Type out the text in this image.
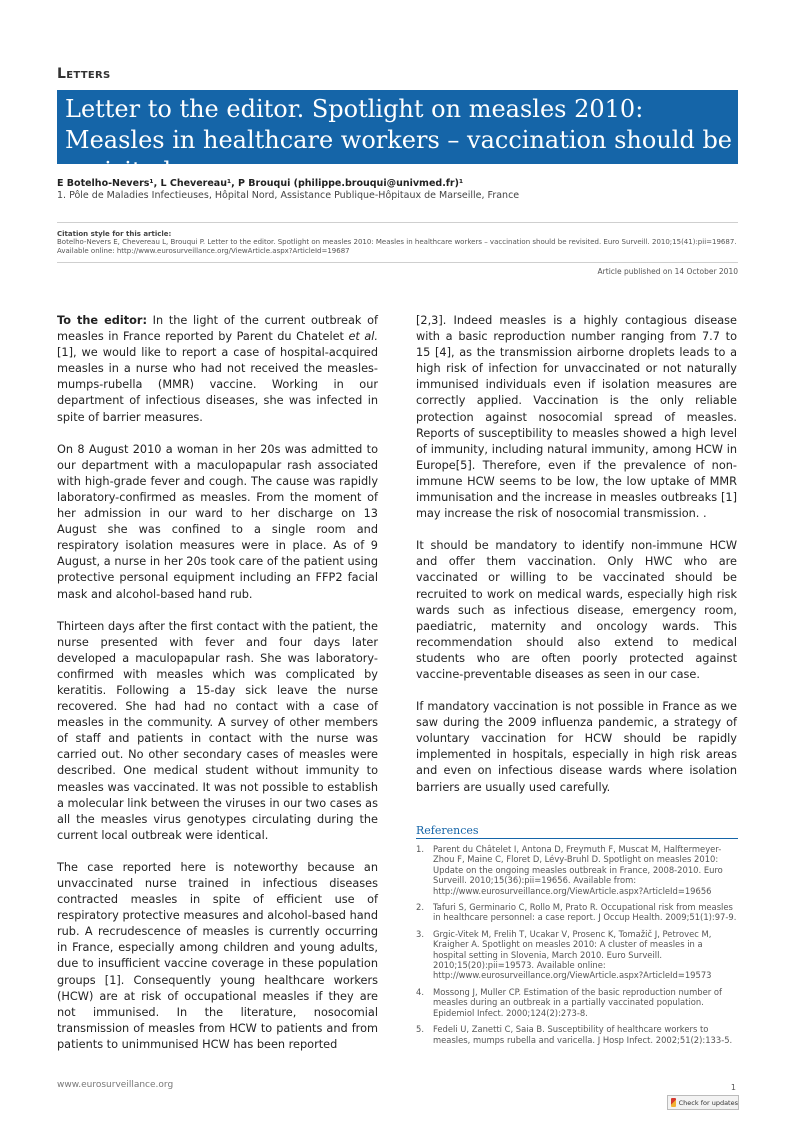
Letters
Letter to the editor. Spotlight on measles 2010: Measles in healthcare workers – vaccination should be revisited
E Botelho-Nevers¹, L Chevereau¹, P Brouqui (philippe.brouqui@univmed.fr)¹
1. Pôle de Maladies Infectieuses, Hôpital Nord, Assistance Publique-Hôpitaux de Marseille, France
Citation style for this article:
Botelho-Nevers E, Chevereau L, Brouqui P. Letter to the editor. Spotlight on measles 2010: Measles in healthcare workers – vaccination should be revisited. Euro Surveill. 2010;15(41):pii=19687. Available online: http://www.eurosurveillance.org/ViewArticle.aspx?ArticleId=19687
Article published on 14 October 2010

To the editor: In the light of the current outbreak of measles in France reported by Parent du Chatelet et al. [1], we would like to report a case of hospital-acquired measles in a nurse who had not received the measles-mumps-rubella (MMR) vaccine. Working in our department of infectious diseases, she was infected in spite of barrier measures.

On 8 August 2010 a woman in her 20s was admitted to our department with a maculopapular rash associated with high-grade fever and cough. The cause was rapidly laboratory-confirmed as measles. From the moment of her admission in our ward to her discharge on 13 August she was confined to a single room and respiratory isolation measures were in place. As of 9 August, a nurse in her 20s took care of the patient using protective personal equipment including an FFP2 facial mask and alcohol-based hand rub.

Thirteen days after the first contact with the patient, the nurse presented with fever and four days later developed a maculopapular rash. She was laboratory-confirmed with measles which was complicated by keratitis. Following a 15-day sick leave the nurse recovered. She had had no contact with a case of measles in the community. A survey of other members of staff and patients in contact with the nurse was carried out. No other secondary cases of measles were described. One medical student without immunity to measles was vaccinated. It was not possible to establish a molecular link between the viruses in our two cases as all the measles virus genotypes circulating during the current local outbreak were identical.

The case reported here is noteworthy because an unvaccinated nurse trained in infectious diseases contracted measles in spite of efficient use of respiratory protective measures and alcohol-based hand rub. A recrudescence of measles is currently occurring in France, especially among children and young adults, due to insufficient vaccine coverage in these population groups [1]. Consequently young healthcare workers (HCW) are at risk of occupational measles if they are not immunised. In the literature, nosocomial transmission of measles from HCW to patients and from patients to unimmunised HCW has been reported

[2,3]. Indeed measles is a highly contagious disease with a basic reproduction number ranging from 7.7 to 15 [4], as the transmission airborne droplets leads to a high risk of infection for unvaccinated or not naturally immunised individuals even if isolation measures are correctly applied. Vaccination is the only reliable protection against nosocomial spread of measles. Reports of susceptibility to measles showed a high level of immunity, including natural immunity, among HCW in Europe[5]. Therefore, even if the prevalence of non-immune HCW seems to be low, the low uptake of MMR immunisation and the increase in measles outbreaks [1] may increase the risk of nosocomial transmission. .

It should be mandatory to identify non-immune HCW and offer them vaccination. Only HWC who are vaccinated or willing to be vaccinated should be recruited to work on medical wards, especially high risk wards such as infectious disease, emergency room, paediatric, maternity and oncology wards. This recommendation should also extend to medical students who are often poorly protected against vaccine-preventable diseases as seen in our case.

If mandatory vaccination is not possible in France as we saw during the 2009 influenza pandemic, a strategy of voluntary vaccination for HCW should be rapidly implemented in hospitals, especially in high risk areas and even on infectious disease wards where isolation barriers are usually used carefully.

References
1. Parent du Châtelet I, Antona D, Freymuth F, Muscat M, Halftermeyer-Zhou F, Maine C, Floret D, Lévy-Bruhl D. Spotlight on measles 2010: Update on the ongoing measles outbreak in France, 2008-2010. Euro Surveill. 2010;15(36):pii=19656. Available from: http://www.eurosurveillance.org/ViewArticle.aspx?ArticleId=19656
2. Tafuri S, Germinario C, Rollo M, Prato R. Occupational risk from measles in healthcare personnel: a case report. J Occup Health. 2009;51(1):97-9.
3. Grgic-Vitek M, Frelih T, Ucakar V, Prosenc K, Tomažič J, Petrovec M, Kraigher A. Spotlight on measles 2010: A cluster of measles in a hospital setting in Slovenia, March 2010. Euro Surveill. 2010;15(20):pii=19573. Available online: http://www.eurosurveillance.org/ViewArticle.aspx?ArticleId=19573
4. Mossong J, Muller CP. Estimation of the basic reproduction number of measles during an outbreak in a partially vaccinated population. Epidemiol Infect. 2000;124(2):273-8.
5. Fedeli U, Zanetti C, Saia B. Susceptibility of healthcare workers to measles, mumps rubella and varicella. J Hosp Infect. 2002;51(2):133-5.
www.eurosurveillance.org	1
Check for updates
